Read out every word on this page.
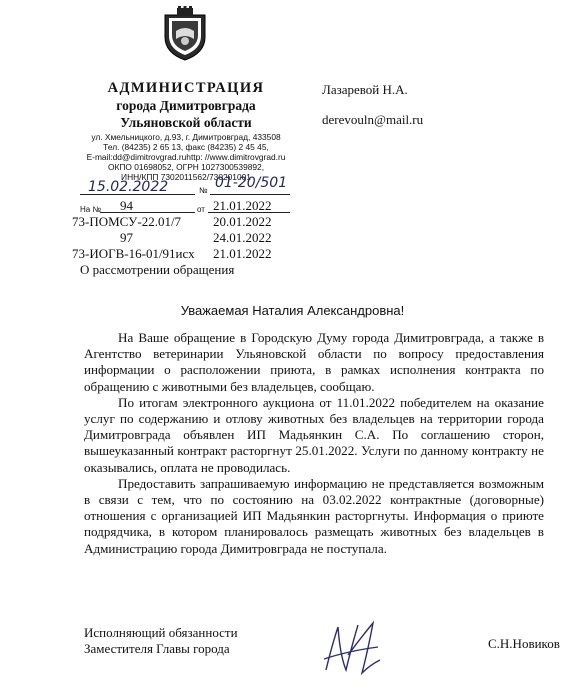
АДМИНИСТРАЦИЯ
города Димитровграда
Ульяновской области
ул. Хмельницкого, д.93, г. Димитровград, 433508
Тел. (84235) 2 65 13, факс (84235) 2 45 45,
E-mail:dd@dimitrovgrad.ruhttp: //www.dimitrovgrad.ru
ОКПО 01698052, ОГРН 1027300539892,
ИНН/КПП 7302011562/730201001
15.02.2022	№ 01-20/501
На № 94	от 21.01.2022
73-ПОМСУ-22.01/7 20.01.2022
97	24.01.2022
73-ИОГВ-16-01/91исх 21.01.2022
О рассмотрении обращения
Лазаревой Н.А.
derevouln@mail.ru
Уважаемая Наталия Александровна!

На Ваше обращение в Городскую Думу города Димитровграда, а также в Агентство ветеринарии Ульяновской области по вопросу предоставления информации о расположении приюта, в рамках исполнения контракта по обращению с животными без владельцев, сообщаю.

По итогам электронного аукциона от 11.01.2022 победителем на оказание услуг по содержанию и отлову животных без владельцев на территории города Димитровграда объявлен ИП Мадьянкин С.А. По соглашению сторон, вышеуказанный контракт расторгнут 25.01.2022. Услуги по данному контракту не оказывались, оплата не проводилась.

Предоставить запрашиваемую информацию не представляется возможным в связи с тем, что по состоянию на 03.02.2022 контрактные (договорные) отношения с организацией ИП Мадьянкин расторгнуты. Информация о приюте подрядчика, в котором планировалось размещать животных без владельцев в Администрацию города Димитровграда не поступала.

Исполняющий обязанности
Заместителя Главы города	С.Н.Новиков
